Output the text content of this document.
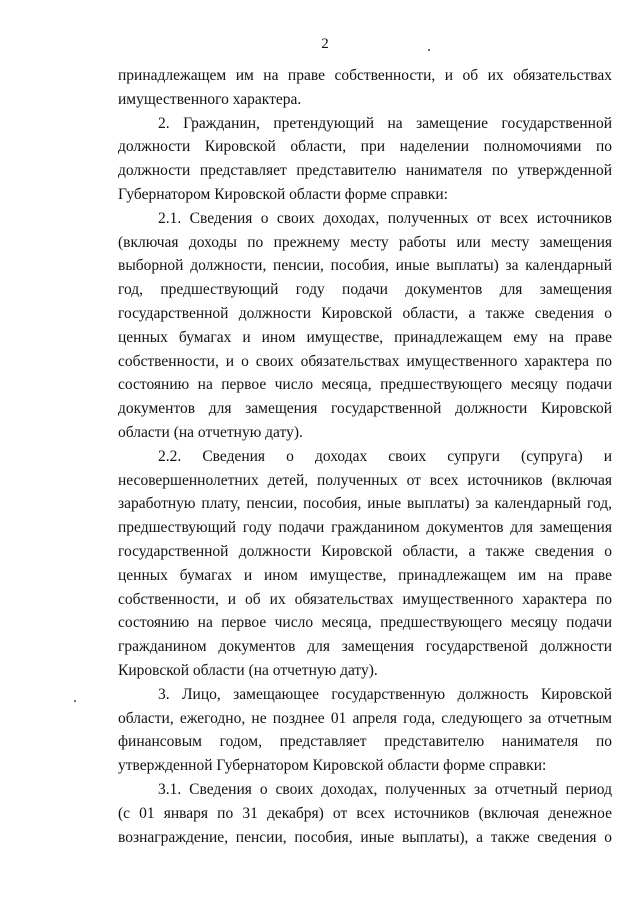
2
принадлежащем им на праве собственности, и об их обязательствах
имущественного характера.
2. Гражданин, претендующий на замещение государственной
должности Кировской области, при наделении полномочиями по
должности представляет представителю нанимателя по утвержденной
Губернатором Кировской области форме справки:
2.1. Сведения о своих доходах, полученных от всех источников
(включая доходы по прежнему месту работы или месту замещения
выборной должности, пенсии, пособия, иные выплаты) за календарный
год, предшествующий году подачи документов для замещения
государственной должности Кировской области, а также сведения о
ценных бумагах и ином имуществе, принадлежащем ему на праве
собственности, и о своих обязательствах имущественного характера по
состоянию на первое число месяца, предшествующего месяцу подачи
документов для замещения государственной должности Кировской
области (на отчетную дату).
2.2. Сведения о доходах своих супруги (супруга) и
несовершеннолетних детей, полученных от всех источников (включая
заработную плату, пенсии, пособия, иные выплаты) за календарный год,
предшествующий году подачи гражданином документов для замещения
государственной должности Кировской области, а также сведения о
ценных бумагах и ином имуществе, принадлежащем им на праве
собственности, и об их обязательствах имущественного характера по
состоянию на первое число месяца, предшествующего месяцу подачи
гражданином документов для замещения государственой должности
Кировской области (на отчетную дату).
3. Лицо, замещающее государственную должность Кировской
области, ежегодно, не позднее 01 апреля года, следующего за отчетным
финансовым годом, представляет представителю нанимателя по
утвержденной Губернатором Кировской области форме справки:
3.1. Сведения о своих доходах, полученных за отчетный период
(с 01 января по 31 декабря) от всех источников (включая денежное
вознаграждение, пенсии, пособия, иные выплаты), а также сведения о
